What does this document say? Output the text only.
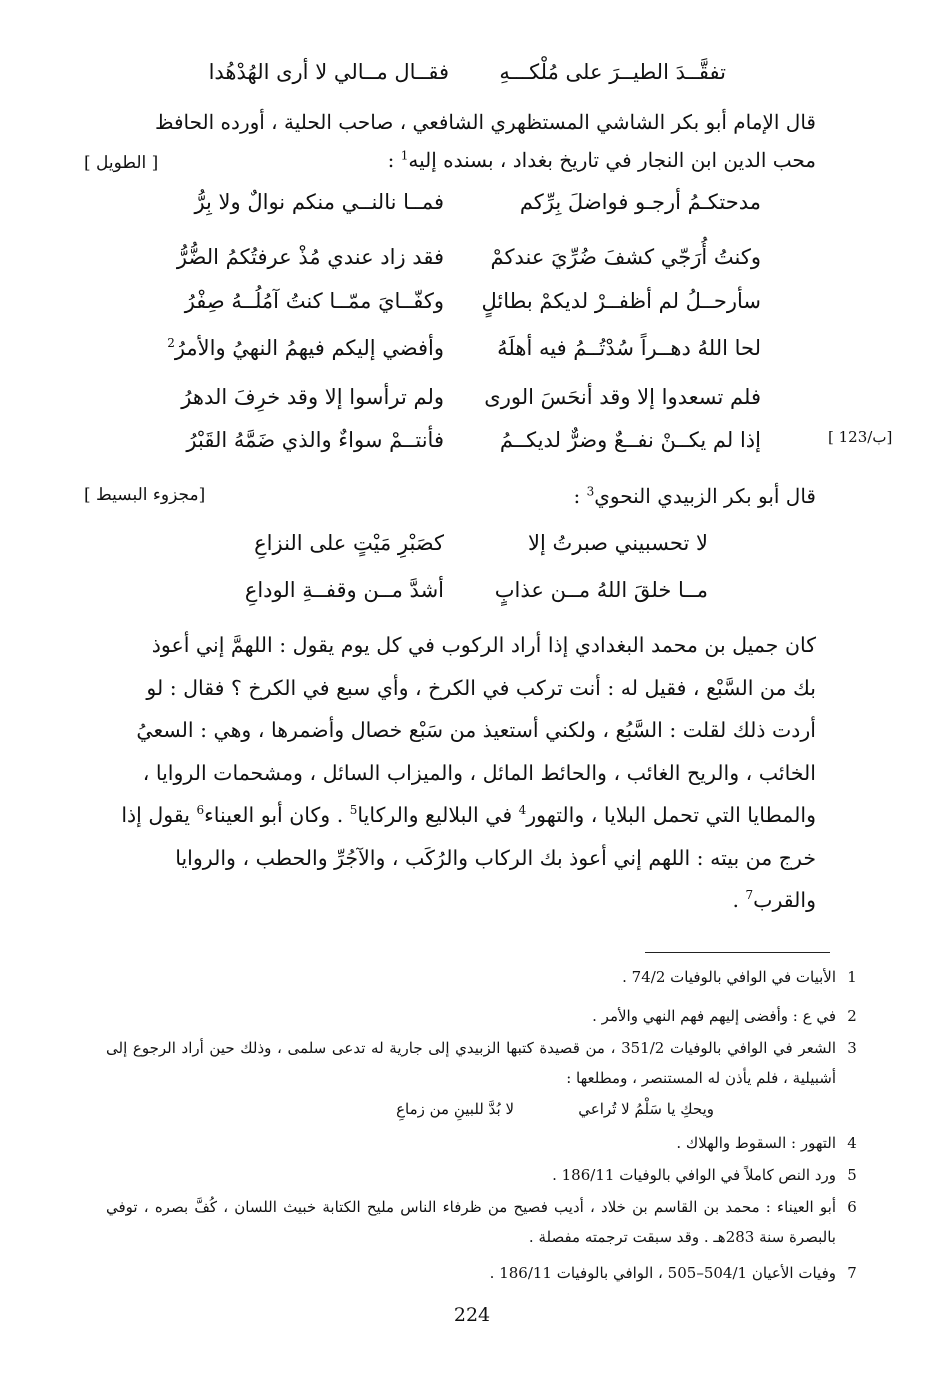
تفقَّــدَ الطيــرَ على مُلْكـــهِ
فقــال مــالي لا أرى الهُدْهُدا
قال الإمام أبو بكر الشاشي المستظهري الشافعي ، صاحب الحلية ، أورده الحافظ
محب الدين ابن النجار في تاريخ بغداد ، بسنده إليه$^1$ :
[ الطويل ]
مدحتكـمُ أرجـو فواضلَ بِرِّكم
فمــا نالنــي منكم نوالٌ ولا بِرُّ
وكنتُ أُرَجّي كشفَ ضُرِّيَ عندكمْ
فقد زاد عندي مُذْ عرفتُكمُ الضُّرُّ
سأرحــلُ لم أظفــرْ لديكمْ بطائلٍ
وكفّــايَ ممّــا كنتُ آمُلُــهُ صِفْرُ
لحا اللهُ دهــراً سُدْتُــمُ فيه أهلَهُ
وأفضي إليكم فيهمُ النهيُ والأمرُ$^2$
فلم تسعدوا إلا وقد أنحَسَ الورى
ولم ترأسوا إلا وقد خرِفَ الدهرُ
إذا لم يكــنْ نفــعٌ وضرٌّ لديكــمُ
فأنتــمْ سواءٌ والذي ضَمَّهُ القَبْرُ	[ 123/ب]
قال أبو بكر الزبيدي النحوي$^3$ :
[مجزوء البسيط ]
لا تحسبيني صبرتُ إلا
كصَبْرِ مَيْتٍ على النزاعِ
مــا خلقَ اللهُ مــن عذابٍ
أشدَّ مــن وقفــةِ الوداعِ
كان جميل بن محمد البغدادي إذا أراد الركوب في كل يوم يقول : اللهمَّ إني أعوذ
بك من السَّبْع ، فقيل له : أنت تركب في الكرخ ، وأي سبع في الكرخ ؟ فقال : لو
أردت ذلك لقلت : السَّبُع ، ولكني أستعيذ من سَبْع خصال وأضمرها ، وهي : السعيُ
الخائب ، والريح الغائب ، والحائط المائل ، والميزاب السائل ، ومشحمات الروايا ،
والمطايا التي تحمل البلايا ، والتهور$^4$ في البلاليع والركايا$^5$ . وكان أبو العيناء$^6$ يقول إذا
خرج من بيته : اللهم إني أعوذ بك الركاب والرُكَب ، والآجُرِّ والحطب ، والروايا
والقرب$^7$ .
1
الأبيات في الوافي بالوفيات 74/2 .
2
في ع : وأفضى إليهم فهم النهي والأمر .
3
الشعر في الوافي بالوفيات 351/2 ، من قصيدة كتبها الزبيدي إلى جارية له تدعى سلمى ، وذلك حين أراد الرجوع إلى أشبيلية ، فلم يأذن له المستنصر ، ومطلعها :
ويحكِ يا سَلْمُ لا تُراعي
لا بُدَّ للبينِ من زماعِ
4
التهور : السقوط والهلاك .
5
ورد النص كاملاً في الوافي بالوفيات 186/11 .
6
أبو العيناء : محمد بن القاسم بن خلاد ، أديب فصيح من ظرفاء الناس مليح الكتابة خبيث اللسان ، كُفَّ بصره ، توفي بالبصرة سنة 283هـ . وقد سبقت ترجمته مفصلة .
7
وفيات الأعيان 504/1–505 ، الوافي بالوفيات 186/11 .
224
